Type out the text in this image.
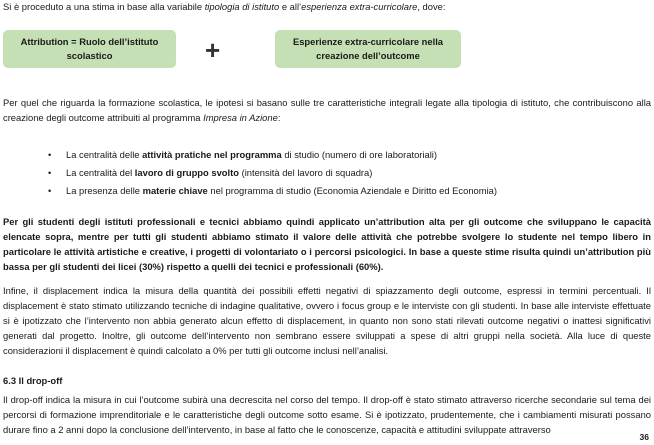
Si è proceduto a una stima in base alla variabile tipologia di istituto e all’esperienza extra-curricolare, dove:

Attribution = Ruolo dell’istituto scolastico	+	Esperienze extra-curricolare nella creazione dell’outcome

Per quel che riguarda la formazione scolastica, le ipotesi si basano sulle tre caratteristiche integrali legate alla tipologia di istituto, che contribuiscono alla creazione degli outcome attribuiti al programma Impresa in Azione:

• La centralità delle attività pratiche nel programma di studio (numero di ore laboratoriali)
• La centralità del lavoro di gruppo svolto (intensità del lavoro di squadra)
• La presenza delle materie chiave nel programma di studio (Economia Aziendale e Diritto ed Economia)

Per gli studenti degli istituti professionali e tecnici abbiamo quindi applicato un’attribution alta per gli outcome che sviluppano le capacità elencate sopra, mentre per tutti gli studenti abbiamo stimato il valore delle attività che potrebbe svolgere lo studente nel tempo libero in particolare le attività artistiche e creative, i progetti di volontariato o i percorsi psicologici. In base a queste stime risulta quindi un’attribution più bassa per gli studenti dei licei (30%) rispetto a quelli dei tecnici e professionali (60%).

Infine, il displacement indica la misura della quantità dei possibili effetti negativi di spiazzamento degli outcome, espressi in termini percentuali. Il displacement è stato stimato utilizzando tecniche di indagine qualitative, ovvero i focus group e le interviste con gli studenti. In base alle interviste effettuate si è ipotizzato che l’intervento non abbia generato alcun effetto di displacement, in quanto non sono stati rilevati outcome negativi o inattesi significativi generati dal progetto. Inoltre, gli outcome dell’intervento non sembrano essere sviluppati a spese di altri gruppi nella società. Alla luce di queste considerazioni il displacement è quindi calcolato a 0% per tutti gli outcome inclusi nell’analisi.

6.3 Il drop-off

Il drop-off indica la misura in cui l’outcome subirà una decrescita nel corso del tempo. Il drop-off è stato stimato attraverso ricerche secondarie sul tema dei percorsi di formazione imprenditoriale e le caratteristiche degli outcome sotto esame. Si è ipotizzato, prudentemente, che i cambiamenti misurati possano durare fino a 2 anni dopo la conclusione dell’intervento, in base al fatto che le conoscenze, capacità e attitudini sviluppate attraverso

36
